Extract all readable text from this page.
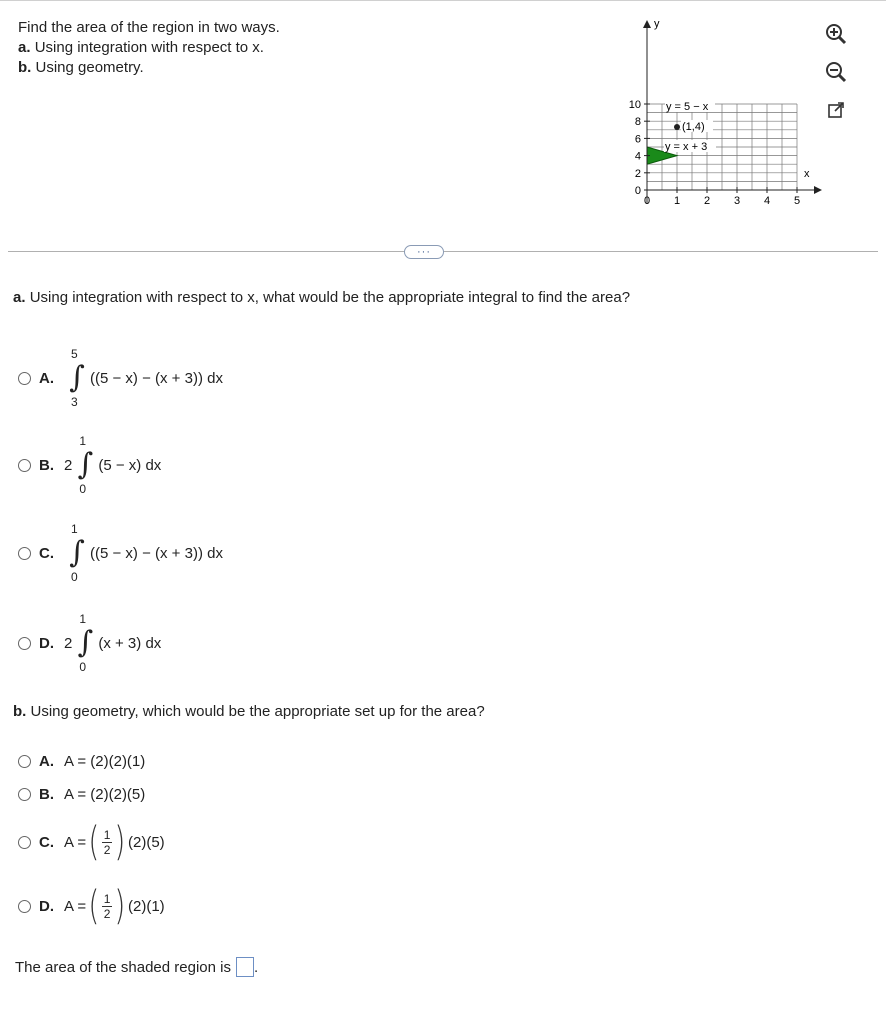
Find the area of the region in two ways.
a. Using integration with respect to x.
b. Using geometry.
y
x
0 1 2 3 4 5
10
8
6
4
2
0
y = 5 − x
(1,4)
y = x + 3
···
a. Using integration with respect to x, what would be the appropriate integral to find the area?
A.
5
∫
3
((5 − x) − (x + 3)) dx
B. 2
1
∫
0
(5 − x) dx
C.
1
∫
0
((5 − x) − (x + 3)) dx
D. 2
1
∫
0
(x + 3) dx
b. Using geometry, which would be the appropriate set up for the area?
A. A = (2)(2)(1)
B. A = (2)(2)(5)
C. A = ( $\frac{1}{2}$ ) (2)(5)
D. A = ( $\frac{1}{2}$ ) (2)(1)
The area of the shaded region is .
